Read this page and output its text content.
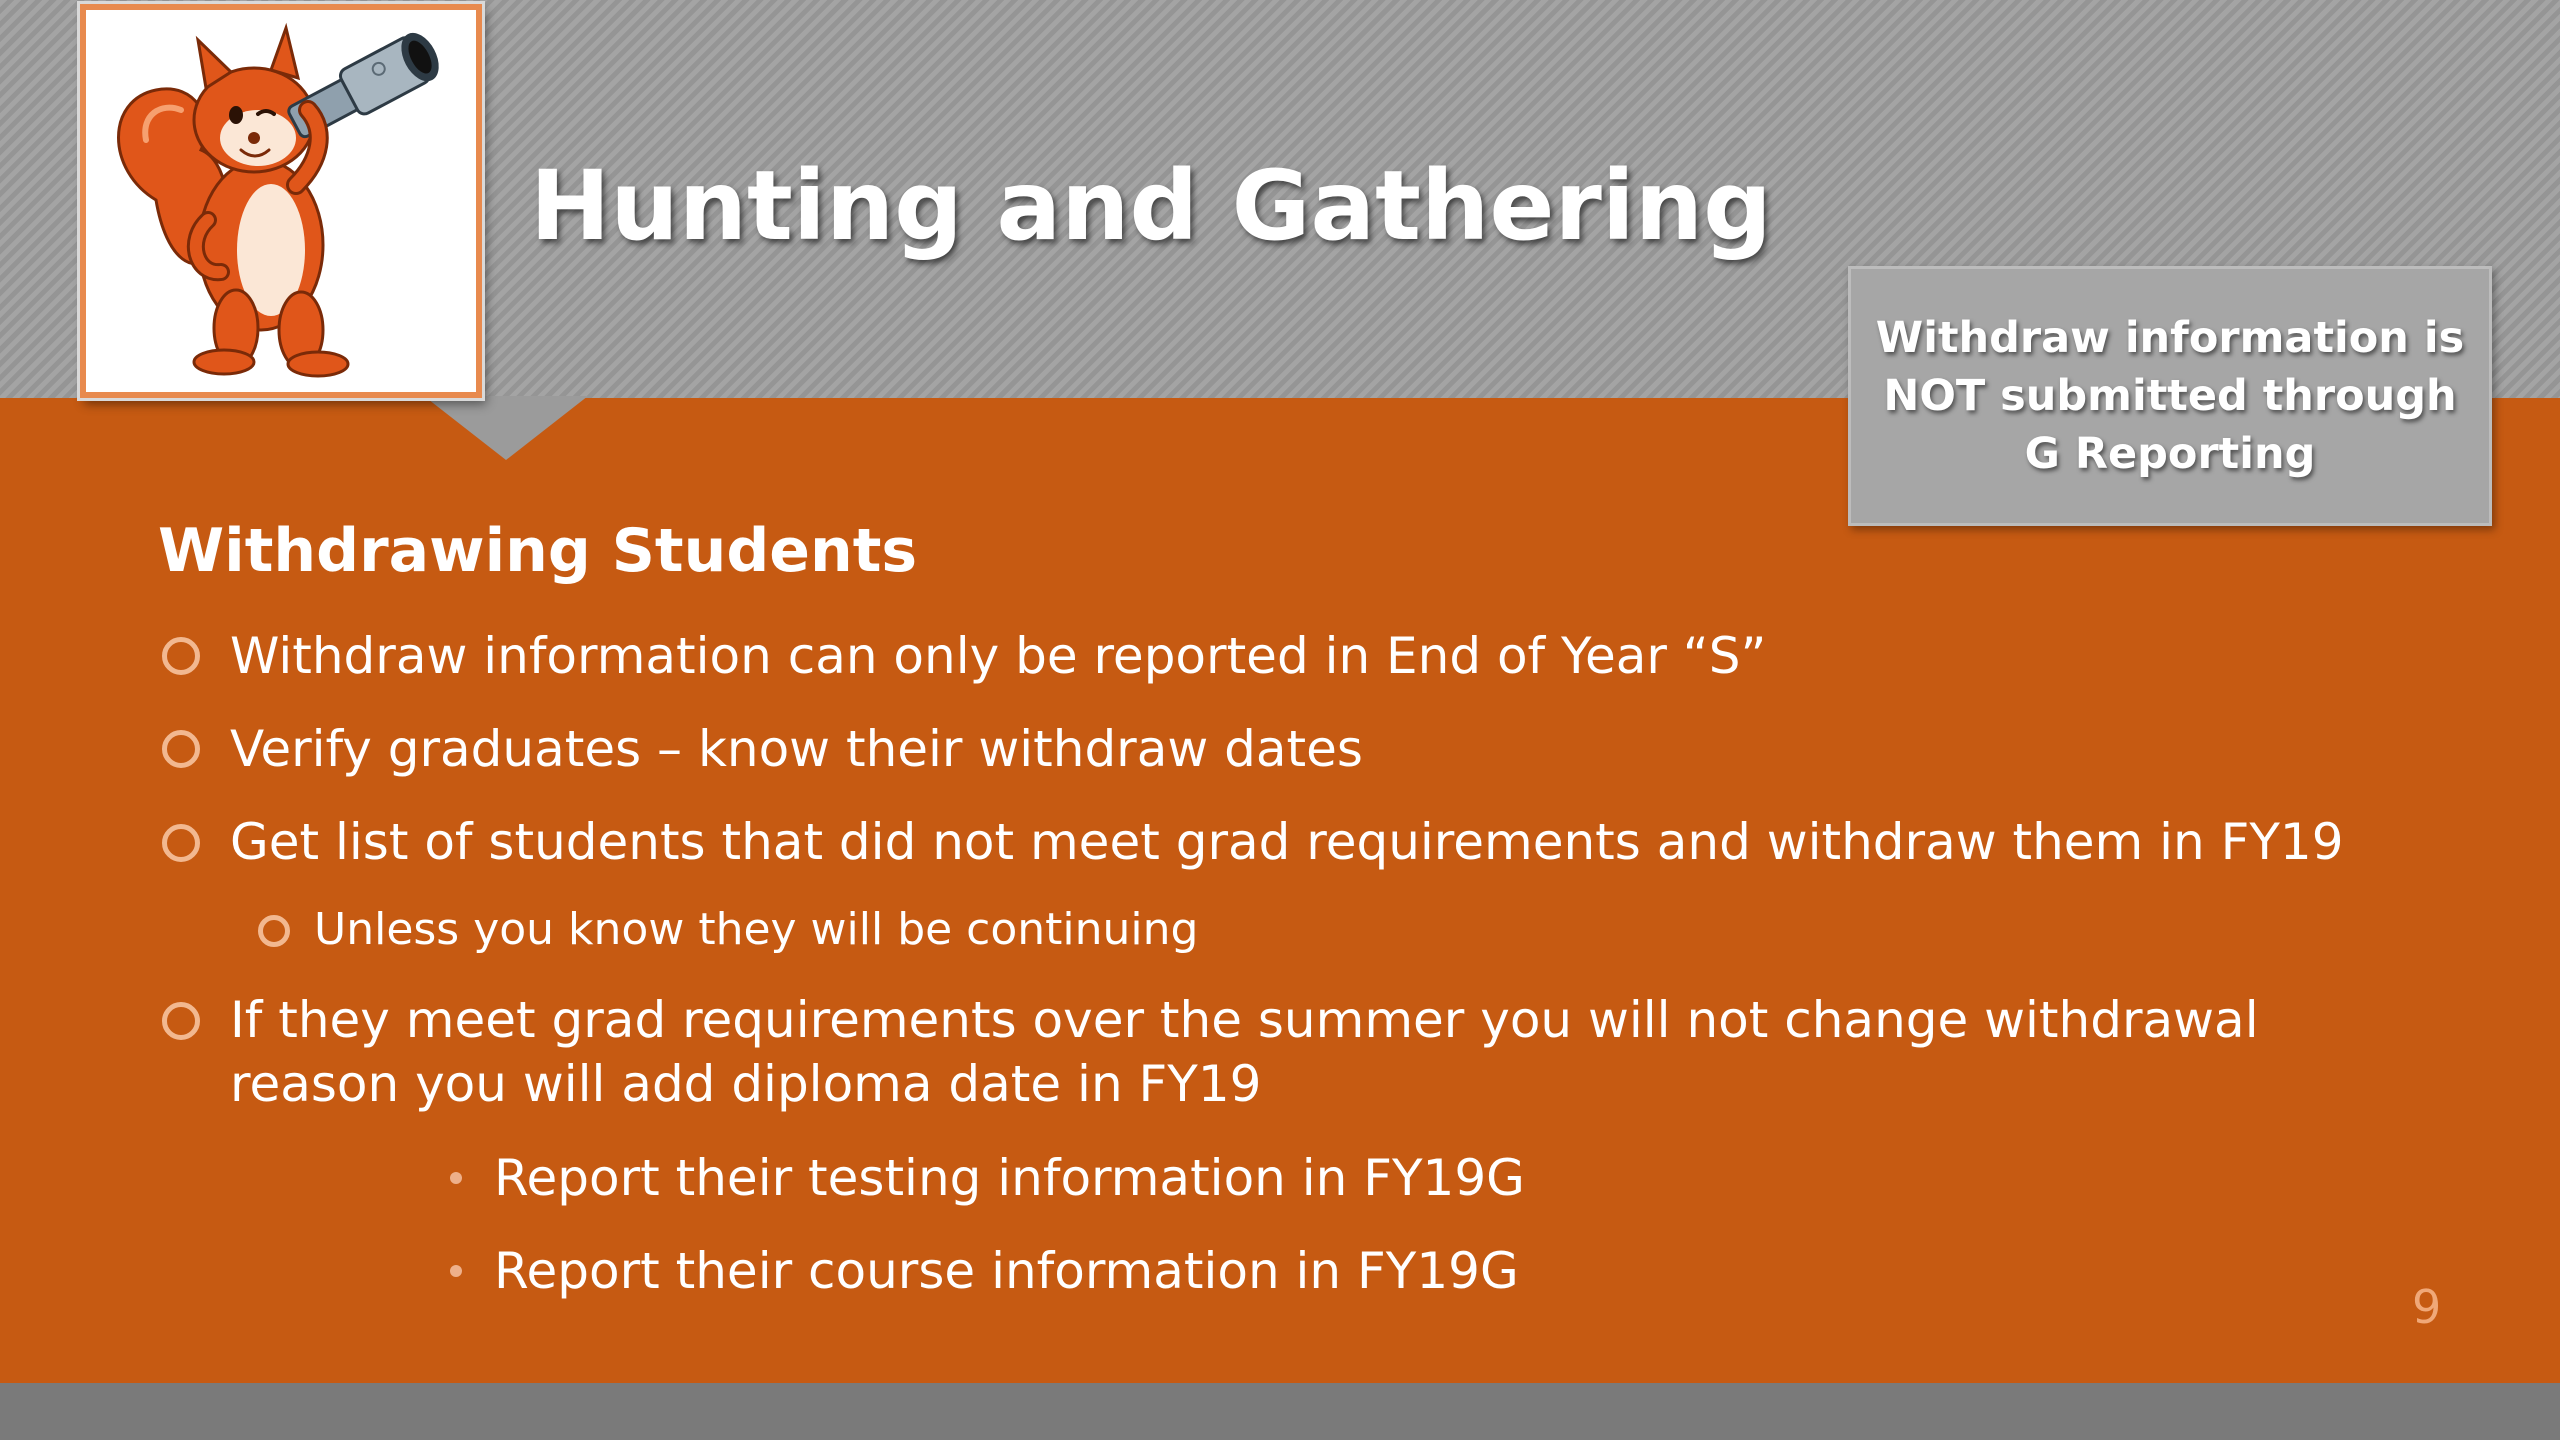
Hunting and Gathering
Withdraw information is
NOT submitted through
G Reporting
Withdrawing Students
Withdraw information can only be reported in End of Year “S”
Verify graduates – know their withdraw dates
Get list of students that did not meet grad requirements and withdraw them in FY19
Unless you know they will be continuing
If they meet grad requirements over the summer you will not change withdrawal
reason you will add diploma date in FY19
Report their testing information in FY19G
Report their course information in FY19G
9
